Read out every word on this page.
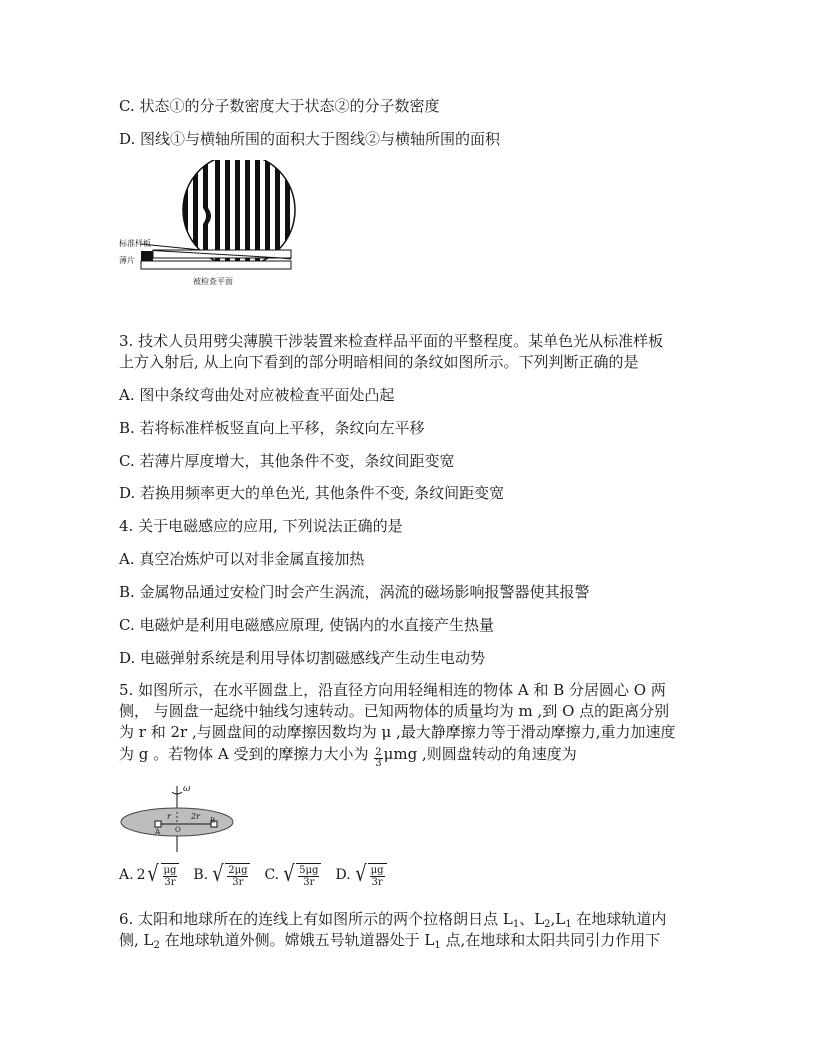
C. 状态①的分子数密度大于状态②的分子数密度
D. 图线①与横轴所围的面积大于图线②与横轴所围的面积
标准样板
薄片
被检查平面
3. 技术人员用劈尖薄膜干涉装置来检查样品平面的平整程度。某单色光从标准样板
上方入射后, 从上向下看到的部分明暗相间的条纹如图所示。下列判断正确的是
A. 图中条纹弯曲处对应被检查平面处凸起
B. 若将标准样板竖直向上平移，条纹向左平移
C. 若薄片厚度增大，其他条件不变，条纹间距变宽
D. 若换用频率更大的单色光, 其他条件不变, 条纹间距变宽
4. 关于电磁感应的应用, 下列说法正确的是
A. 真空冶炼炉可以对非金属直接加热
B. 金属物品通过安检门时会产生涡流，涡流的磁场影响报警器使其报警
C. 电磁炉是利用电磁感应原理, 使锅内的水直接产生热量
D. 电磁弹射系统是利用导体切割磁感线产生动生电动势
5. 如图所示，在水平圆盘上，沿直径方向用轻绳相连的物体 A 和 B 分居圆心 O 两
侧， 与圆盘一起绕中轴线匀速转动。已知两物体的质量均为 m ,到 O 点的距离分别
为 r 和 2r ,与圆盘间的动摩擦因数均为 μ ,最大静摩擦力等于滑动摩擦力,重力加速度
为 g 。若物体 A 受到的摩擦力大小为 $\frac{2}{3}$ μmg ,则圆盘转动的角速度为
ω
r	2r
A O
B
A. 2 √ $\frac{\mu g}{3r} B$. √ $\frac{2\mu g}{3r} C$. √ $\frac{5\mu g}{3r} D$. √ $\frac{\mu g}{3r}$
6. 太阳和地球所在的连线上有如图所示的两个拉格朗日点 $L_1$、$L_2,L_1$ 在地球轨道内
侧, $L_2$ 在地球轨道外侧。嫦娥五号轨道器处于 $L_1$ 点,在地球和太阳共同引力作用下
